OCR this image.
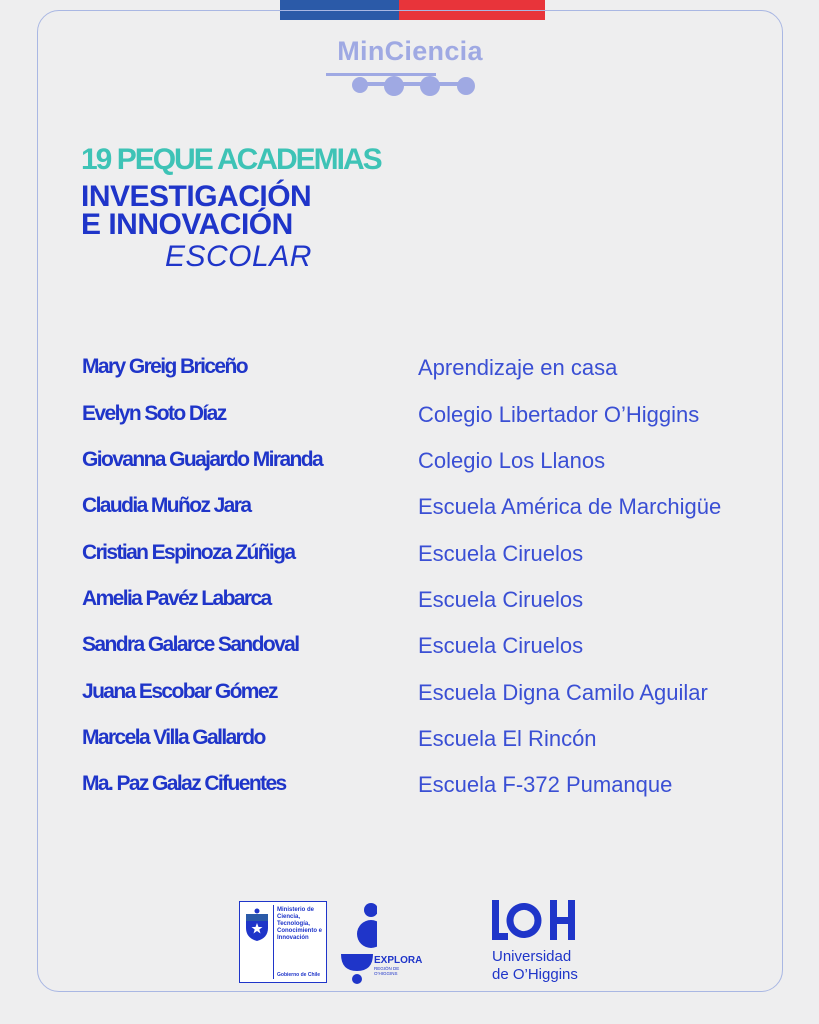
MinCiencia
19 PEQUE ACADEMIAS
INVESTIGACIÓN
E INNOVACIÓN
ESCOLAR
Mary Greig Briceño	Aprendizaje en casa
Evelyn Soto Díaz	Colegio Libertador O’Higgins
Giovanna Guajardo Miranda	Colegio Los Llanos
Claudia Muñoz Jara	Escuela América de Marchigüe
Cristian Espinoza Zúñiga	Escuela Ciruelos
Amelia Pavéz Labarca	Escuela Ciruelos
Sandra Galarce Sandoval	Escuela Ciruelos
Juana Escobar Gómez	Escuela Digna Camilo Aguilar
Marcela Villa Gallardo	Escuela El Rincón
Ma. Paz Galaz Cifuentes	Escuela F-372 Pumanque
Ministerio de Ciencia, Tecnología, Conocimiento e Innovación
Gobierno de Chile
EXPLORA
REGIÓN DE O’HIGGINS
Universidad
de O’Higgins
